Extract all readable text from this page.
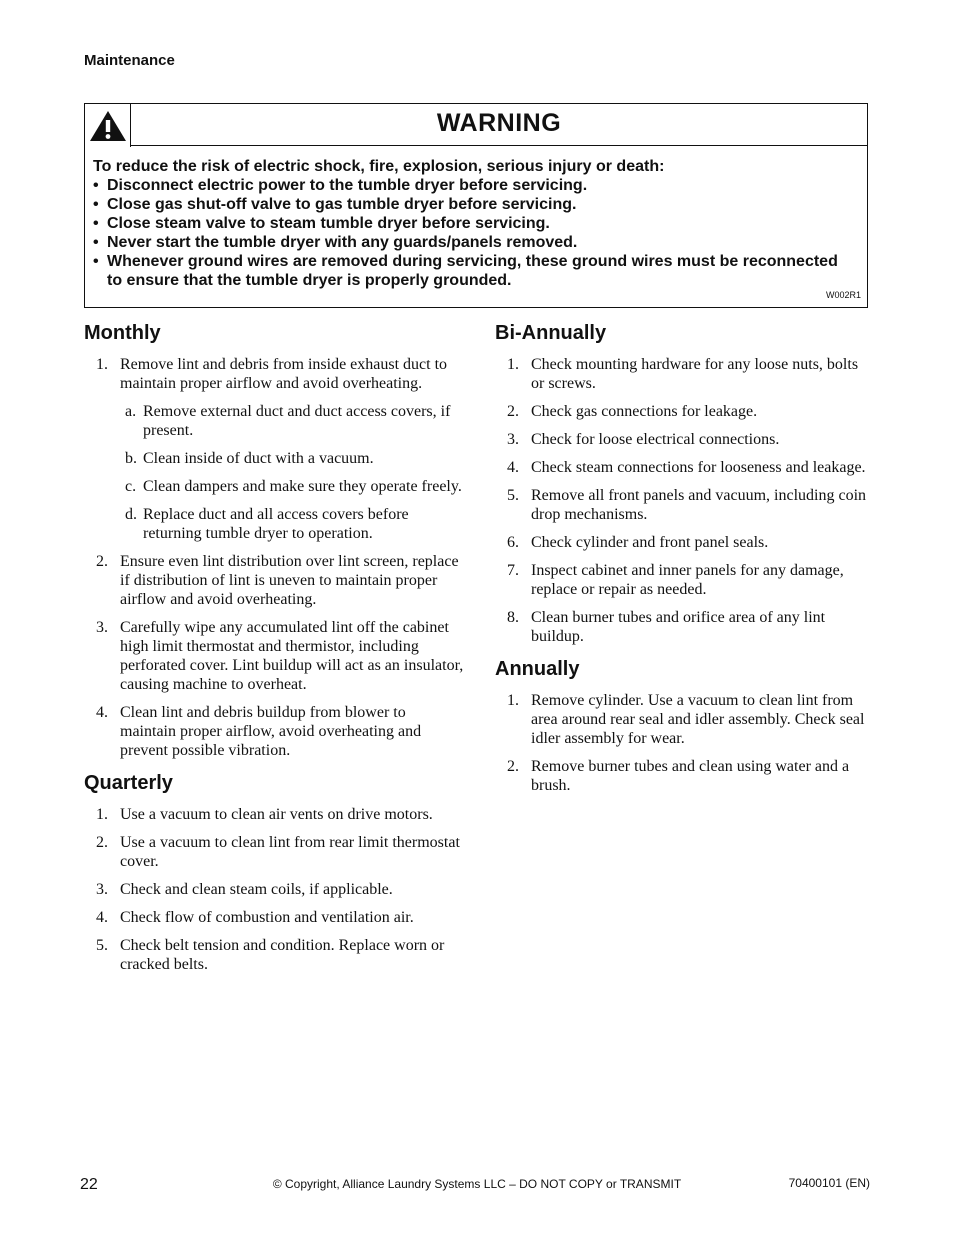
Maintenance
WARNING
To reduce the risk of electric shock, fire, explosion, serious injury or death:
• Disconnect electric power to the tumble dryer before servicing.
• Close gas shut-off valve to gas tumble dryer before servicing.
• Close steam valve to steam tumble dryer before servicing.
• Never start the tumble dryer with any guards/panels removed.
• Whenever ground wires are removed during servicing, these ground wires must be reconnected to ensure that the tumble dryer is properly grounded.
W002R1
Monthly
1. Remove lint and debris from inside exhaust duct to maintain proper airflow and avoid overheating.
a. Remove external duct and duct access covers, if present.
b. Clean inside of duct with a vacuum.
c. Clean dampers and make sure they operate freely.
d. Replace duct and all access covers before returning tumble dryer to operation.
2. Ensure even lint distribution over lint screen, replace if distribution of lint is uneven to maintain proper airflow and avoid overheating.
3. Carefully wipe any accumulated lint off the cabinet high limit thermostat and thermistor, including perforated cover. Lint buildup will act as an insulator, causing machine to overheat.
4. Clean lint and debris buildup from blower to maintain proper airflow, avoid overheating and prevent possible vibration.
Quarterly
1. Use a vacuum to clean air vents on drive motors.
2. Use a vacuum to clean lint from rear limit thermostat cover.
3. Check and clean steam coils, if applicable.
4. Check flow of combustion and ventilation air.
5. Check belt tension and condition. Replace worn or cracked belts.
Bi-Annually
1. Check mounting hardware for any loose nuts, bolts or screws.
2. Check gas connections for leakage.
3. Check for loose electrical connections.
4. Check steam connections for looseness and leakage.
5. Remove all front panels and vacuum, including coin drop mechanisms.
6. Check cylinder and front panel seals.
7. Inspect cabinet and inner panels for any damage, replace or repair as needed.
8. Clean burner tubes and orifice area of any lint buildup.
Annually
1. Remove cylinder. Use a vacuum to clean lint from area around rear seal and idler assembly. Check seal idler assembly for wear.
2. Remove burner tubes and clean using water and a brush.
22	© Copyright, Alliance Laundry Systems LLC – DO NOT COPY or TRANSMIT	70400101 (EN)
